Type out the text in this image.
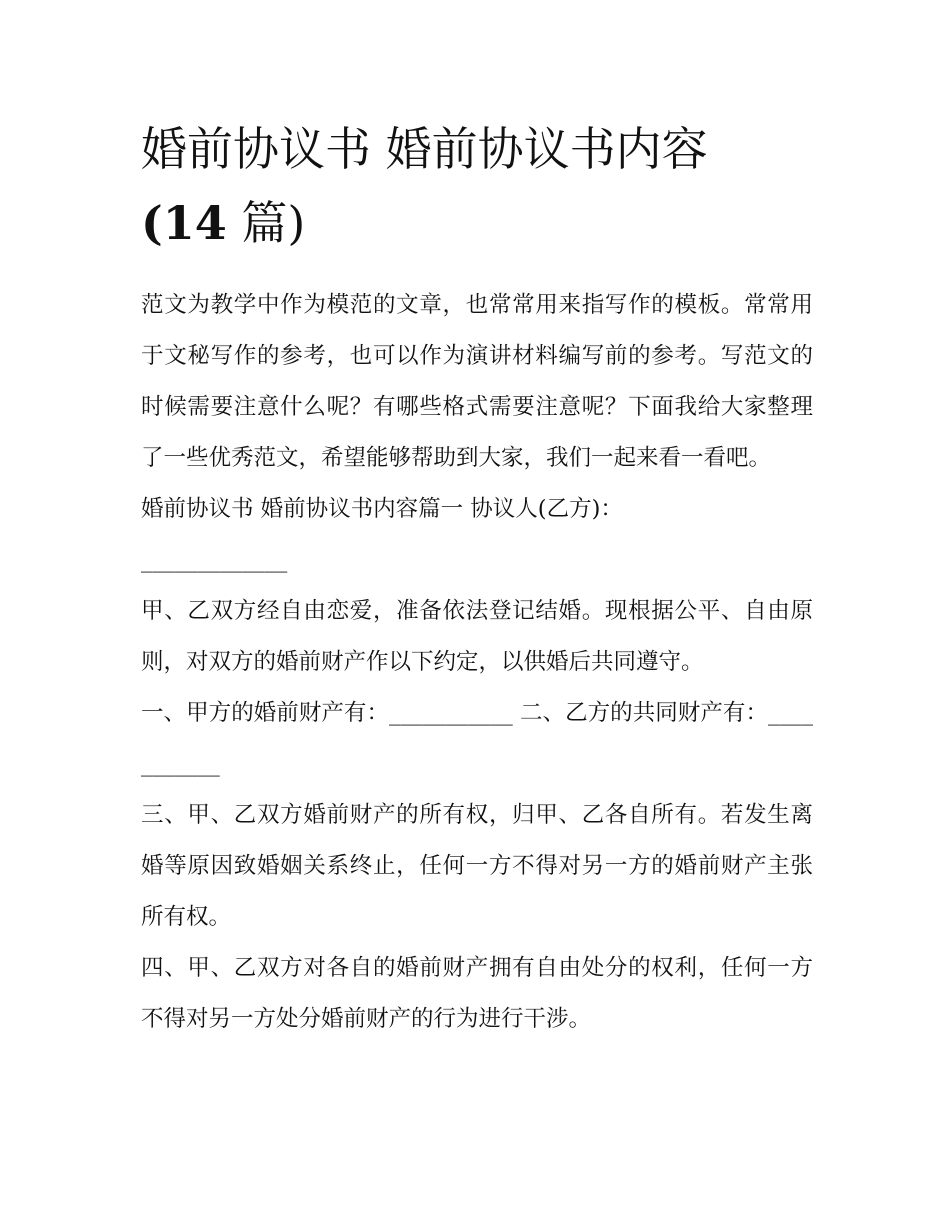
婚前协议书 婚前协议书内容
(14 篇)

范文为教学中作为模范的文章，也常常用来指写作的模板。常常用于文秘写作的参考，也可以作为演讲材料编写前的参考。写范文的时候需要注意什么呢？有哪些格式需要注意呢？下面我给大家整理了一些优秀范文，希望能够帮助到大家，我们一起来看一看吧。

婚前协议书 婚前协议书内容篇一 协议人(乙方)：

_____________

甲、乙双方经自由恋爱，准备依法登记结婚。现根据公平、自由原则，对双方的婚前财产作以下约定，以供婚后共同遵守。

一、甲方的婚前财产有：___________ 二、乙方的共同财产有：___________

三、甲、乙双方婚前财产的所有权，归甲、乙各自所有。若发生离婚等原因致婚姻关系终止，任何一方不得对另一方的婚前财产主张所有权。

四、甲、乙双方对各自的婚前财产拥有自由处分的权利，任何一方不得对另一方处分婚前财产的行为进行干涉。
